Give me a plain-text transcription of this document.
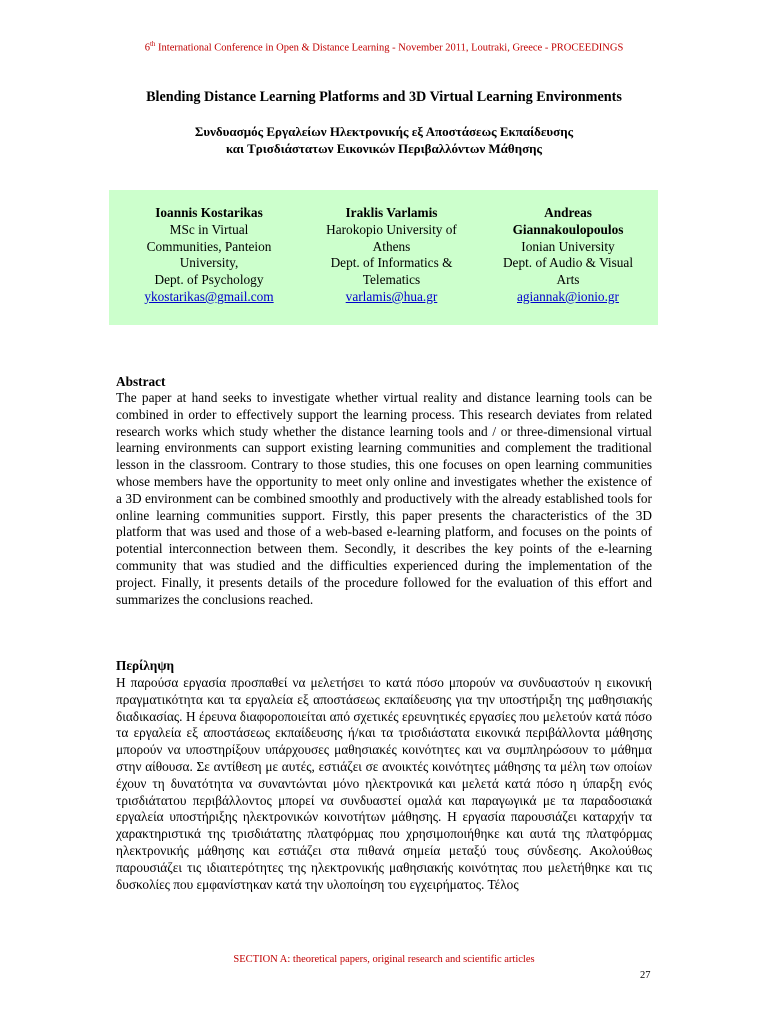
6th International Conference in Open & Distance Learning - November 2011, Loutraki, Greece - PROCEEDINGS
Blending Distance Learning Platforms and 3D Virtual Learning Environments
Συνδυασμός Εργαλείων Ηλεκτρονικής εξ Αποστάσεως Εκπαίδευσης
και Τρισδιάστατων Εικονικών Περιβαλλόντων Μάθησης
Ioannis Kostarikas
MSc in Virtual
Communities, Panteion
University,
Dept. of Psychology
ykostarikas@gmail.com
Iraklis Varlamis
Harokopio University of
Athens
Dept. of Informatics &
Telematics
varlamis@hua.gr
Andreas
Giannakoulopoulos
Ionian University
Dept. of Audio & Visual
Arts
agiannak@ionio.gr
Abstract
The paper at hand seeks to investigate whether virtual reality and distance learning tools can be combined in order to effectively support the learning process. This research deviates from related research works which study whether the distance learning tools and / or three-dimensional virtual learning environments can support existing learning communities and complement the traditional lesson in the classroom. Contrary to those studies, this one focuses on open learning communities whose members have the opportunity to meet only online and investigates whether the existence of a 3D environment can be combined smoothly and productively with the already established tools for online learning communities support. Firstly, this paper presents the characteristics of the 3D platform that was used and those of a web-based e-learning platform, and focuses on the points of potential interconnection between them. Secondly, it describes the key points of the e-learning community that was studied and the difficulties experienced during the implementation of the project. Finally, it presents details of the procedure followed for the evaluation of this effort and summarizes the conclusions reached.
Περίληψη
Η παρούσα εργασία προσπαθεί να μελετήσει το κατά πόσο μπορούν να συνδυαστούν η εικονική πραγματικότητα και τα εργαλεία εξ αποστάσεως εκπαίδευσης για την υποστήριξη της μαθησιακής διαδικασίας. Η έρευνα διαφοροποιείται από σχετικές ερευνητικές εργασίες που μελετούν κατά πόσο τα εργαλεία εξ αποστάσεως εκπαίδευσης ή/και τα τρισδιάστατα εικονικά περιβάλλοντα μάθησης μπορούν να υποστηρίξουν υπάρχουσες μαθησιακές κοινότητες και να συμπληρώσουν το μάθημα στην αίθουσα. Σε αντίθεση με αυτές, εστιάζει σε ανοικτές κοινότητες μάθησης τα μέλη των οποίων έχουν τη δυνατότητα να συναντώνται μόνο ηλεκτρονικά και μελετά κατά πόσο η ύπαρξη ενός τρισδιάτατου περιβάλλοντος μπορεί να συνδυαστεί ομαλά και παραγωγικά με τα παραδοσιακά εργαλεία υποστήριξης ηλεκτρονικών κοινοτήτων μάθησης. Η εργασία παρουσιάζει καταρχήν τα χαρακτηριστικά της τρισδιάτατης πλατφόρμας που χρησιμοποιήθηκε και αυτά της πλατφόρμας ηλεκτρονικής μάθησης και εστιάζει στα πιθανά σημεία μεταξύ τους σύνδεσης. Ακολούθως παρουσιάζει τις ιδιαιτερότητες της ηλεκτρονικής μαθησιακής κοινότητας που μελετήθηκε και τις δυσκολίες που εμφανίστηκαν κατά την υλοποίηση του εγχειρήματος. Τέλος
SECTION A: theoretical papers, original research and scientific articles
27
